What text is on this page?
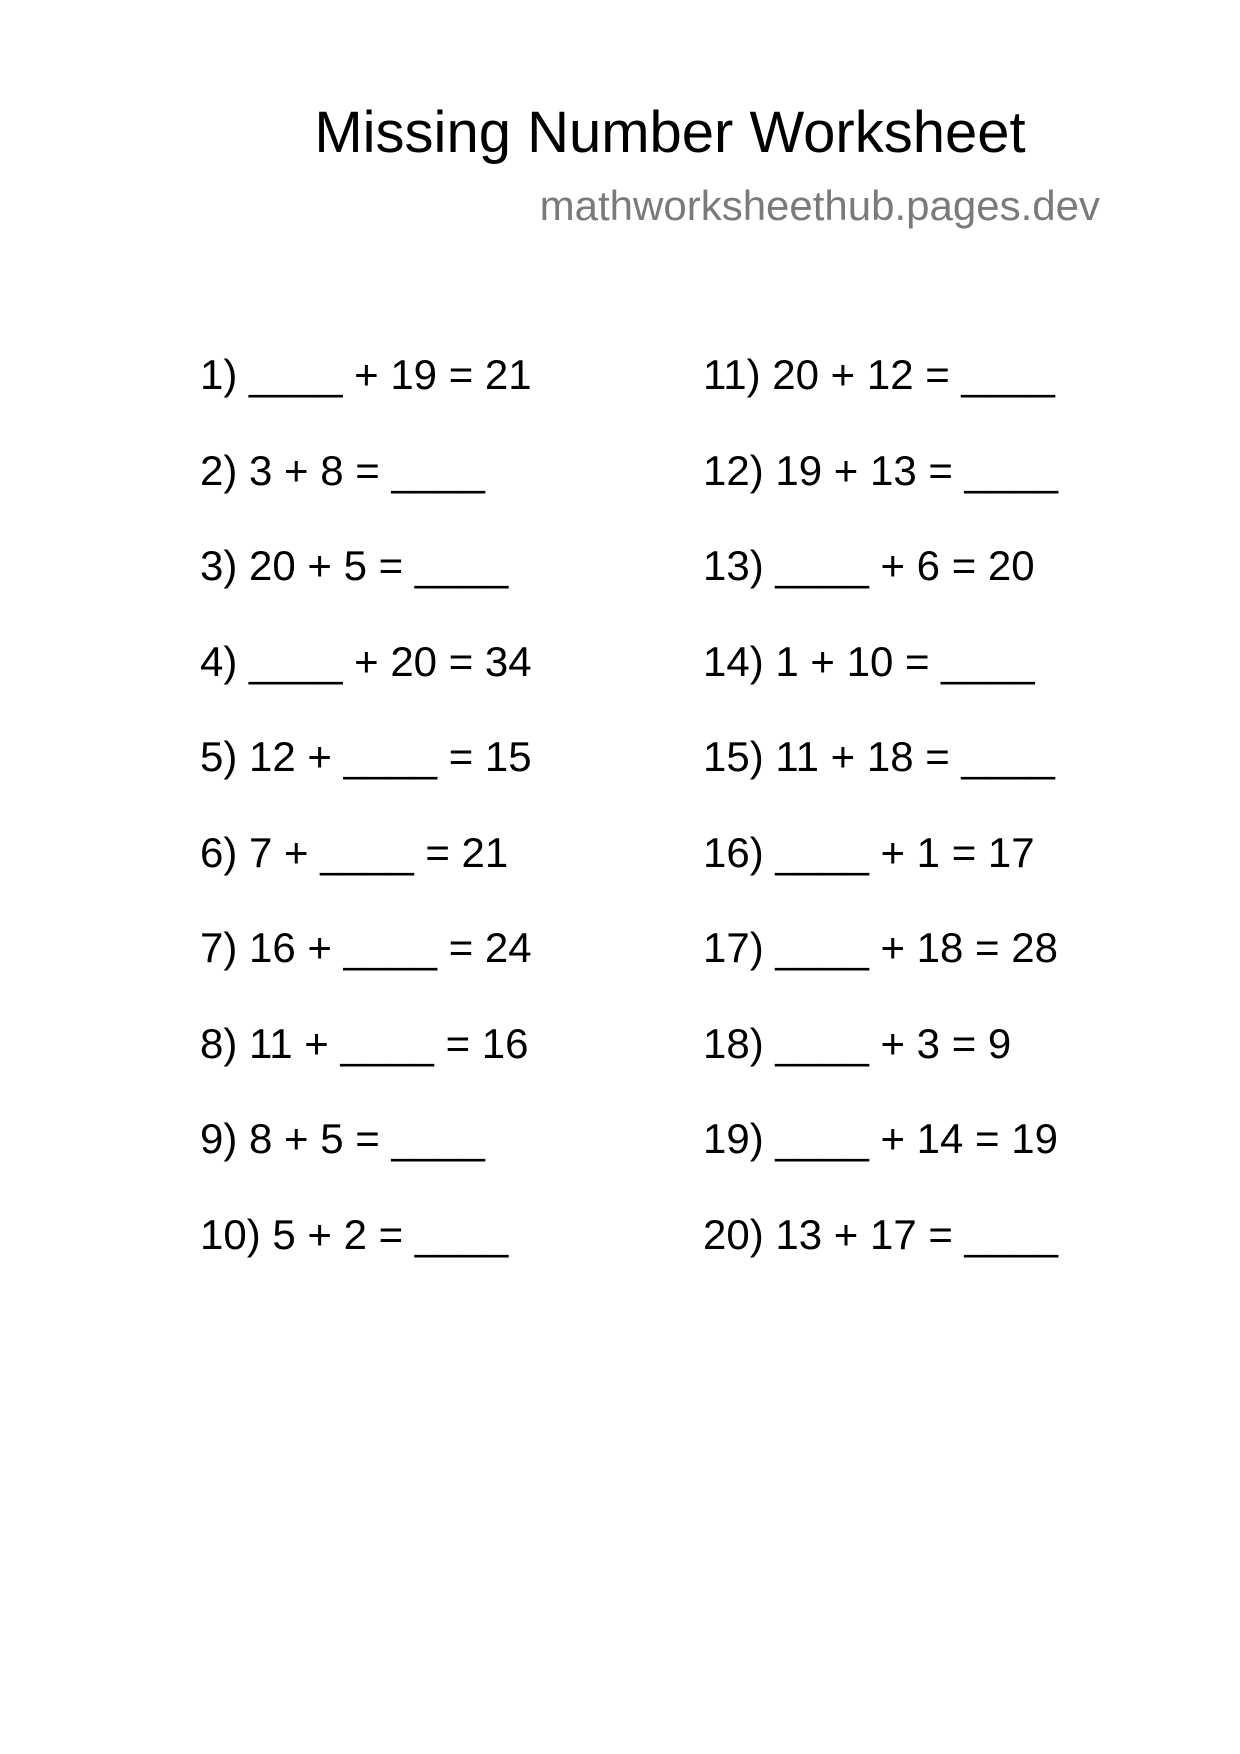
Missing Number Worksheet
mathworksheethub.pages.dev
1) ____ + 19 = 21
2) 3 + 8 = ____
3) 20 + 5 = ____
4) ____ + 20 = 34
5) 12 + ____ = 15
6) 7 + ____ = 21
7) 16 + ____ = 24
8) 11 + ____ = 16
9) 8 + 5 = ____
10) 5 + 2 = ____
11) 20 + 12 = ____
12) 19 + 13 = ____
13) ____ + 6 = 20
14) 1 + 10 = ____
15) 11 + 18 = ____
16) ____ + 1 = 17
17) ____ + 18 = 28
18) ____ + 3 = 9
19) ____ + 14 = 19
20) 13 + 17 = ____
